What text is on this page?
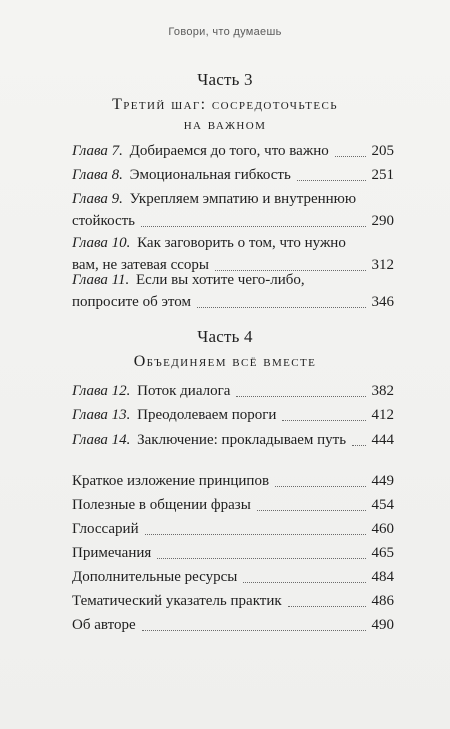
Говори, что думаешь
Часть 3
Третий шаг: сосредоточьтесь
на важном
Глава 7. Добираемся до того, что важно	205
Глава 8. Эмоциональная гибкость	251
Глава 9. Укрепляем эмпатию и внутреннюю
стойкость	290
Глава 10. Как заговорить о том, что нужно
вам, не затевая ссоры	312
Глава 11. Если вы хотите чего-либо,
попросите об этом	346
Часть 4
Объединяем всё вместе
Глава 12. Поток диалога	382
Глава 13. Преодолеваем пороги	412
Глава 14. Заключение: прокладываем путь 444
Краткое изложение принципов	449
Полезные в общении фразы	454
Глоссарий	460
Примечания	465
Дополнительные ресурсы	484
Тематический указатель практик	486
Об авторе	490
